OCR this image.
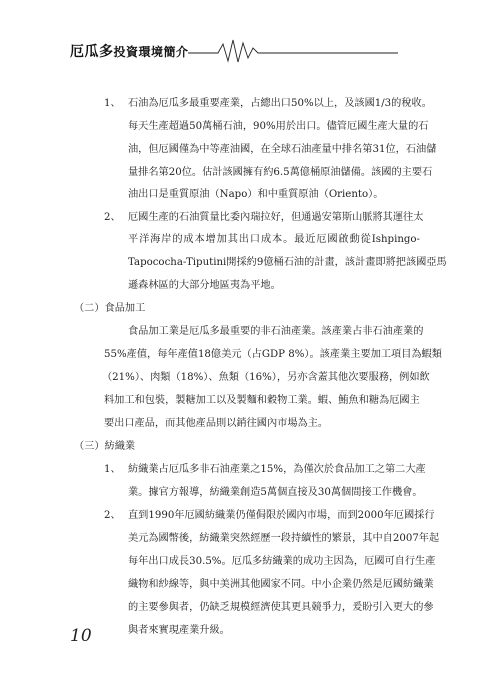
厄瓜多投資環境簡介
1、 石油為厄瓜多最重要產業，占總出口50%以上，及該國1/3的稅收。
每天生產超過50萬桶石油，90%用於出口。儘管厄國生產大量的石
油，但厄國僅為中等產油國，在全球石油產量中排名第31位，石油儲
量排名第20位。估計該國擁有約6.5萬億桶原油儲備。該國的主要石
油出口是重質原油（Napo）和中重質原油（Oriento）。
2、 厄國生產的石油質量比委內瑞拉好，但通過安第斯山脈將其運往太
平洋海岸的成本增加其出口成本。最近厄國啟動從Ishpingo-
Tapococha-Tiputini開採約9億桶石油的計畫，該計畫即將把該國亞馬
遜森林區的大部分地區夷為平地。
（二）食品加工
食品加工業是厄瓜多最重要的非石油產業。該產業占非石油產業的
55%產值，每年產值18億美元（占GDP 8%）。該產業主要加工項目為蝦類
（21%）、肉類（18%）、魚類（16%），另亦含蓋其他次要服務，例如飲
料加工和包裝，製糖加工以及製麵和穀物工業。蝦、鮪魚和糖為厄國主
要出口產品，而其他產品則以銷往國內市場為主。
（三）紡織業
1、 紡織業占厄瓜多非石油產業之15%，為僅次於食品加工之第二大產
業。據官方報導，紡織業創造5萬個直接及30萬個間接工作機會。
2、 直到1990年厄國紡織業仍僅侷限於國內市場，而到2000年厄國採行
美元為國幣後，紡織業突然經歷一段持續性的繁景，其中自2007年起
每年出口成長30.5%。厄瓜多紡織業的成功主因為，厄國可自行生產
織物和紗線等，與中美洲其他國家不同。中小企業仍然是厄國紡織業
的主要參與者，仍缺乏規模經濟使其更具競爭力，爰盼引入更大的參
與者來實現產業升級。
10
